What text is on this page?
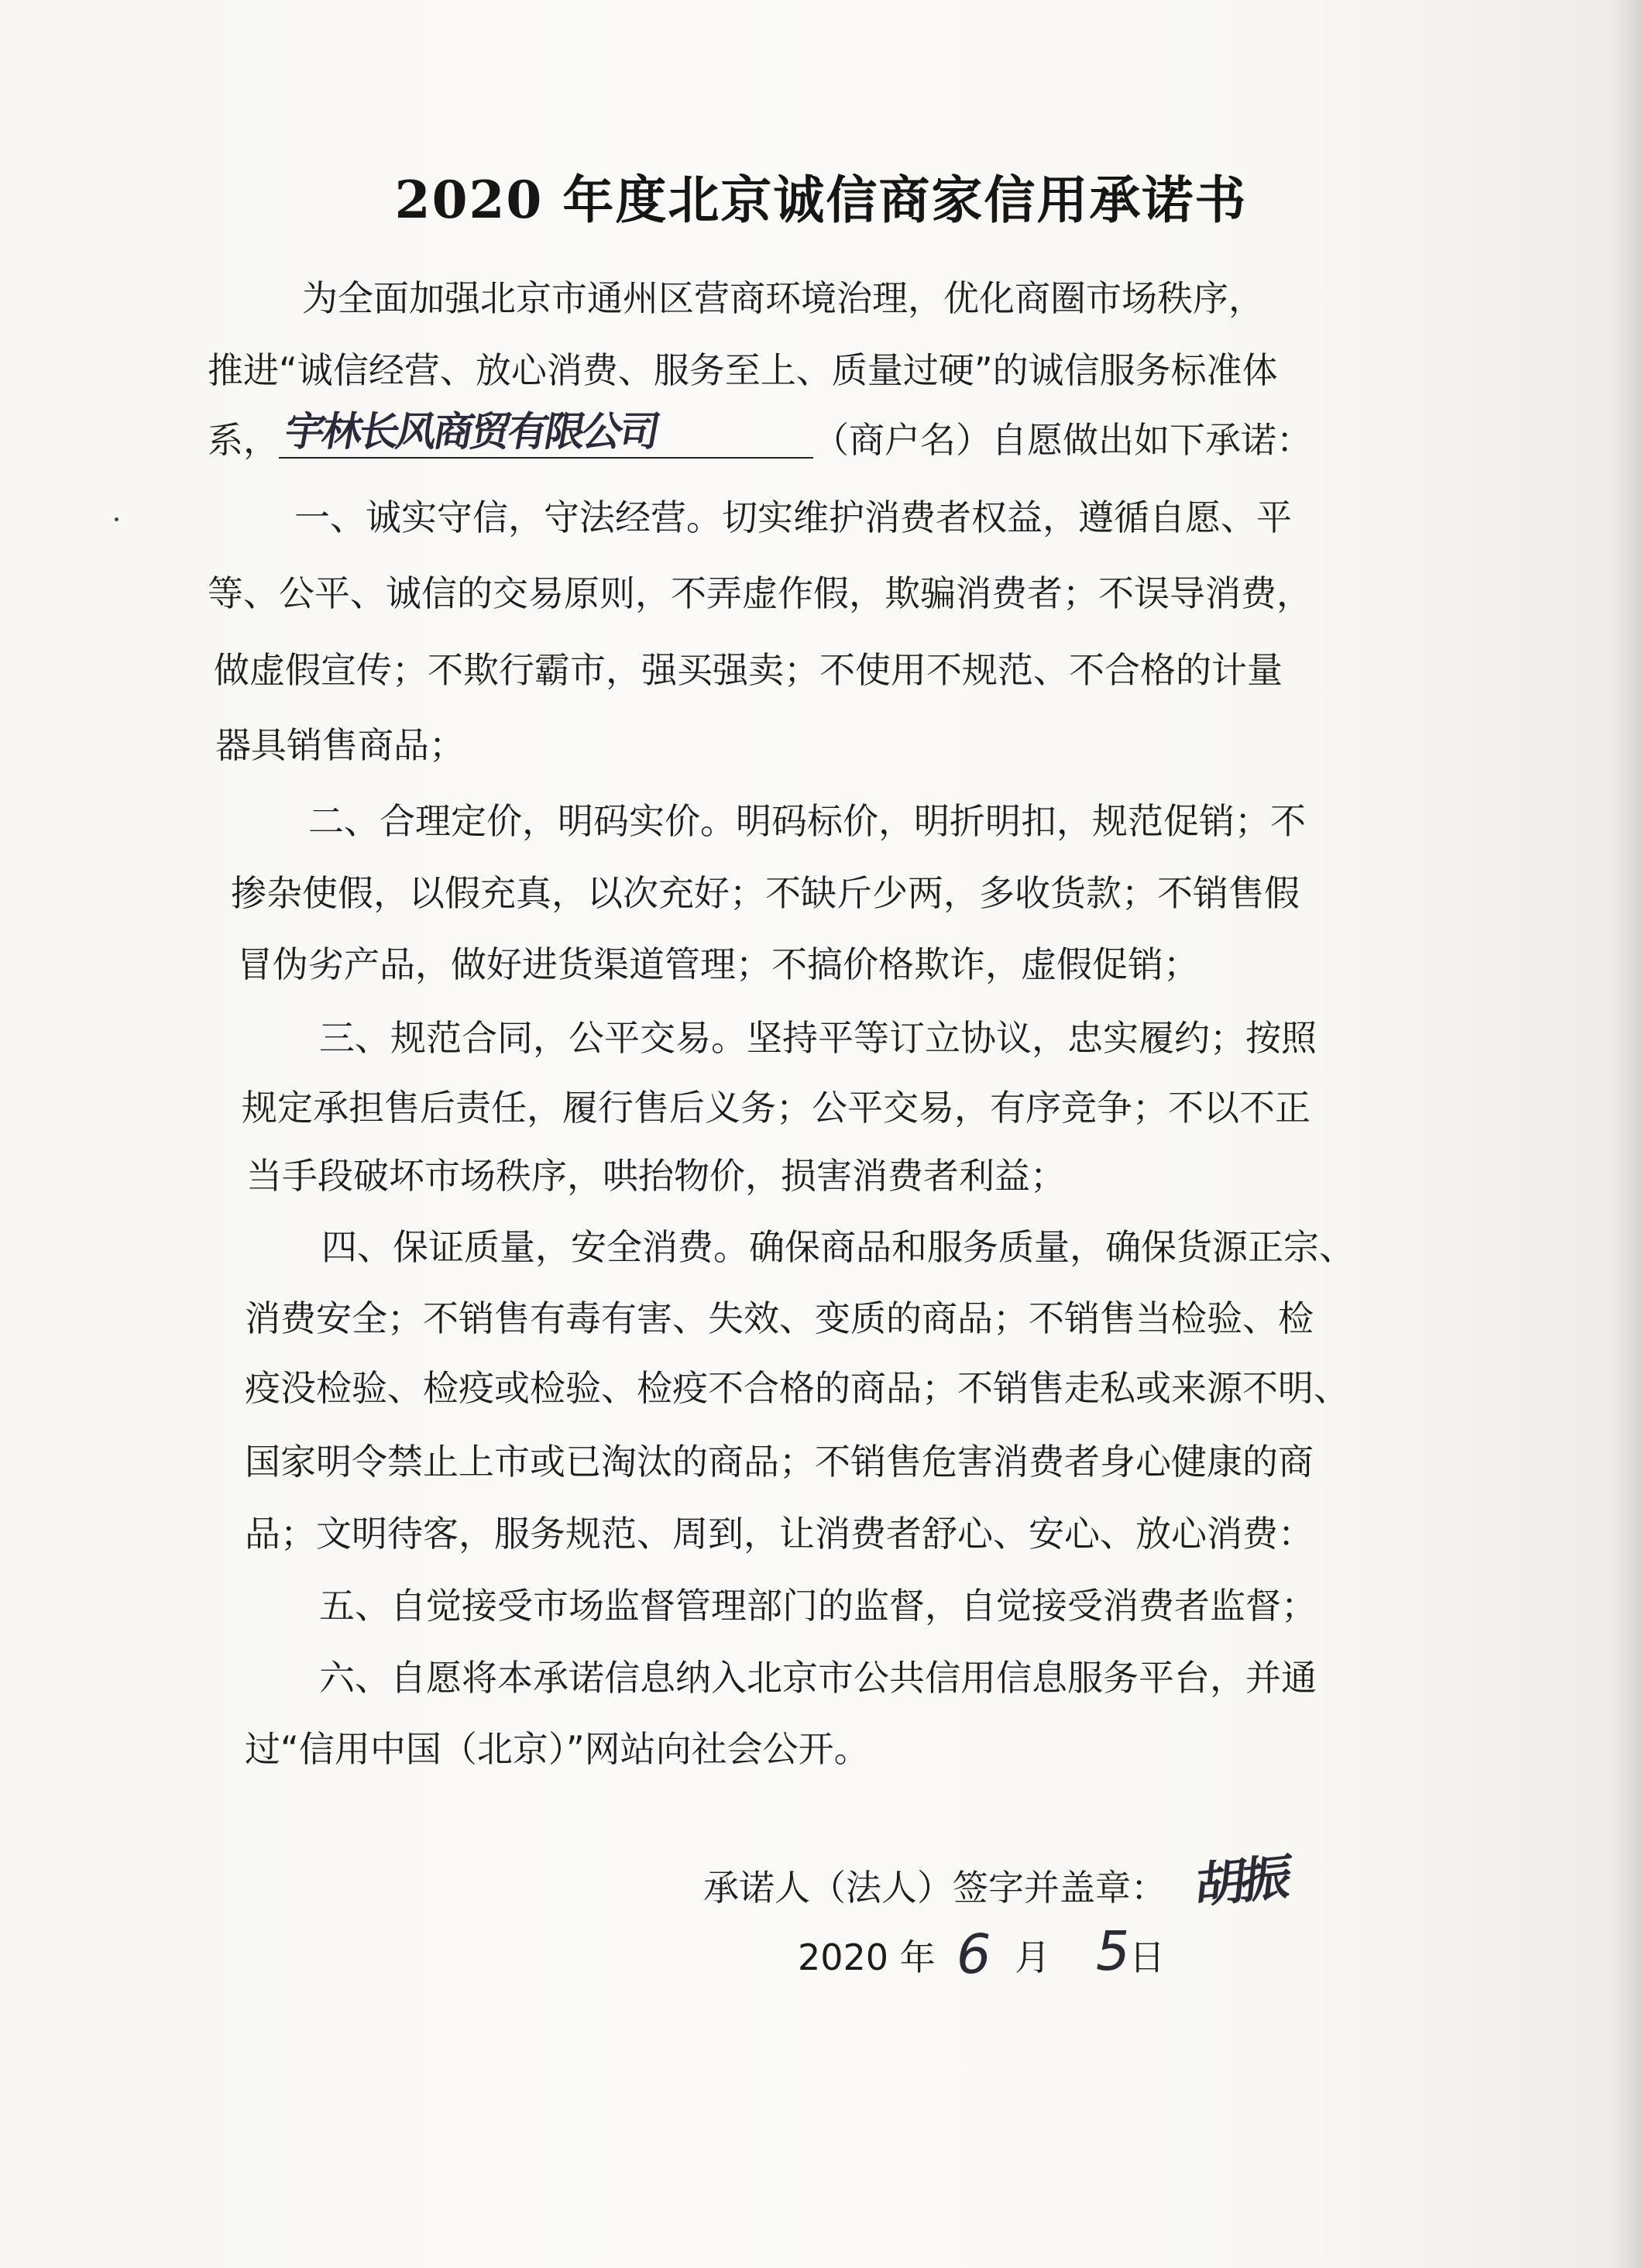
2020 年度北京诚信商家信用承诺书
为全面加强北京市通州区营商环境治理，优化商圈市场秩序，
推进“诚信经营、放心消费、服务至上、质量过硬”的诚信服务标准体
系， 宇林长风商贸有限公司	（商户名）自愿做出如下承诺：
一、诚实守信，守法经营。切实维护消费者权益，遵循自愿、平
等、公平、诚信的交易原则，不弄虚作假，欺骗消费者；不误导消费，
做虚假宣传；不欺行霸市，强买强卖；不使用不规范、不合格的计量
器具销售商品；
二、合理定价，明码实价。明码标价，明折明扣，规范促销；不
掺杂使假，以假充真，以次充好；不缺斤少两，多收货款；不销售假
冒伪劣产品，做好进货渠道管理；不搞价格欺诈，虚假促销；
三、规范合同，公平交易。坚持平等订立协议，忠实履约；按照
规定承担售后责任，履行售后义务；公平交易，有序竞争；不以不正
当手段破坏市场秩序，哄抬物价，损害消费者利益；
四、保证质量，安全消费。确保商品和服务质量，确保货源正宗、
消费安全；不销售有毒有害、失效、变质的商品；不销售当检验、检
疫没检验、检疫或检验、检疫不合格的商品；不销售走私或来源不明、
国家明令禁止上市或已淘汰的商品；不销售危害消费者身心健康的商
品；文明待客，服务规范、周到，让消费者舒心、安心、放心消费：
五、自觉接受市场监督管理部门的监督，自觉接受消费者监督；
六、自愿将本承诺信息纳入北京市公共信用信息服务平台，并通
过“信用中国（北京）”网站向社会公开。
承诺人（法人）签字并盖章： 胡振
2020 年 6 月 5
日
